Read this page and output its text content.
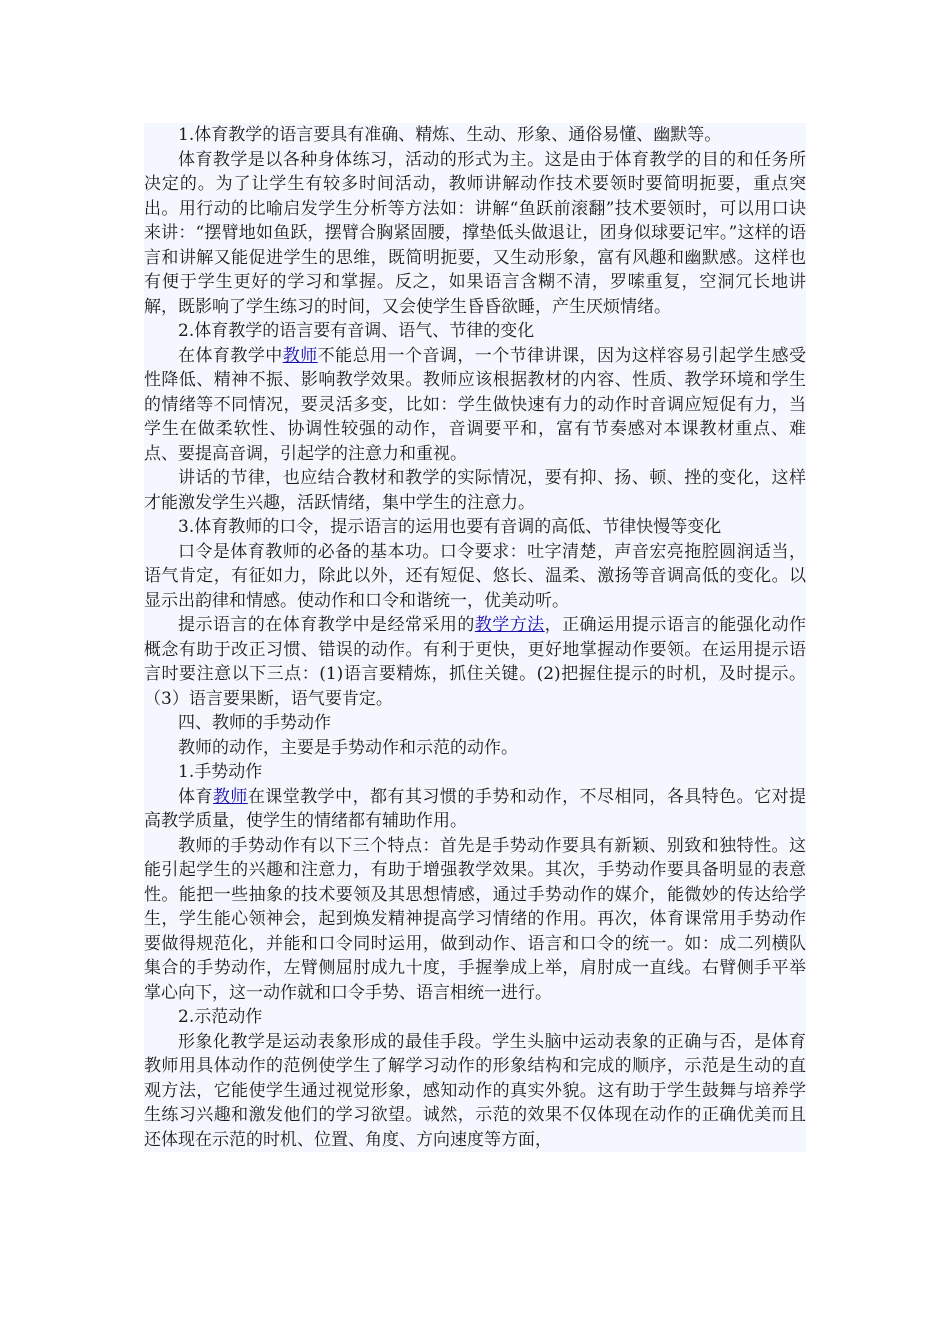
1.体育教学的语言要具有准确、精炼、生动、形象、通俗易懂、幽默等。

体育教学是以各种身体练习，活动的形式为主。这是由于体育教学的目的和任务所决定的。为了让学生有较多时间活动，教师讲解动作技术要领时要简明扼要，重点突出。用行动的比喻启发学生分析等方法如：讲解“鱼跃前滚翻”技术要领时，可以用口诀来讲：“摆臂地如鱼跃，摆臂合胸紧固腰，撑垫低头做退让，团身似球要记牢。”这样的语言和讲解又能促进学生的思维，既简明扼要，又生动形象，富有风趣和幽默感。这样也有便于学生更好的学习和掌握。反之，如果语言含糊不清，罗嗦重复，空洞冗长地讲解，既影响了学生练习的时间，又会使学生昏昏欲睡，产生厌烦情绪。

2.体育教学的语言要有音调、语气、节律的变化

在体育教学中教师不能总用一个音调，一个节律讲课，因为这样容易引起学生感受性降低、精神不振、影响教学效果。教师应该根据教材的内容、性质、教学环境和学生的情绪等不同情况，要灵活多变，比如：学生做快速有力的动作时音调应短促有力，当学生在做柔软性、协调性较强的动作，音调要平和，富有节奏感对本课教材重点、难点、要提高音调，引起学的注意力和重视。

讲话的节律，也应结合教材和教学的实际情况，要有抑、扬、顿、挫的变化，这样才能激发学生兴趣，活跃情绪，集中学生的注意力。

3.体育教师的口令，提示语言的运用也要有音调的高低、节律快慢等变化

口令是体育教师的必备的基本功。口令要求：吐字清楚，声音宏亮拖腔圆润适当，语气肯定，有征如力，除此以外，还有短促、悠长、温柔、激扬等音调高低的变化。以显示出韵律和情感。使动作和口令和谐统一，优美动听。

提示语言的在体育教学中是经常采用的教学方法，正确运用提示语言的能强化动作概念有助于改正习惯、错误的动作。有利于更快，更好地掌握动作要领。在运用提示语言时要注意以下三点：(1)语言要精炼，抓住关键。(2)把握住提示的时机，及时提示。（3）语言要果断，语气要肯定。

四、教师的手势动作

教师的动作，主要是手势动作和示范的动作。

1.手势动作

体育教师在课堂教学中，都有其习惯的手势和动作，不尽相同，各具特色。它对提高教学质量，使学生的情绪都有辅助作用。

教师的手势动作有以下三个特点：首先是手势动作要具有新颖、别致和独特性。这能引起学生的兴趣和注意力，有助于增强教学效果。其次，手势动作要具备明显的表意性。能把一些抽象的技术要领及其思想情感，通过手势动作的媒介，能微妙的传达给学生，学生能心领神会，起到焕发精神提高学习情绪的作用。再次，体育课常用手势动作要做得规范化，并能和口令同时运用，做到动作、语言和口令的统一。如：成二列横队集合的手势动作，左臂侧屈肘成九十度，手握拳成上举，肩肘成一直线。右臂侧手平举掌心向下，这一动作就和口令手势、语言相统一进行。

2.示范动作

形象化教学是运动表象形成的最佳手段。学生头脑中运动表象的正确与否，是体育教师用具体动作的范例使学生了解学习动作的形象结构和完成的顺序，示范是生动的直观方法，它能使学生通过视觉形象，感知动作的真实外貌。这有助于学生鼓舞与培养学生练习兴趣和激发他们的学习欲望。诚然，示范的效果不仅体现在动作的正确优美而且还体现在示范的时机、位置、角度、方向速度等方面，
